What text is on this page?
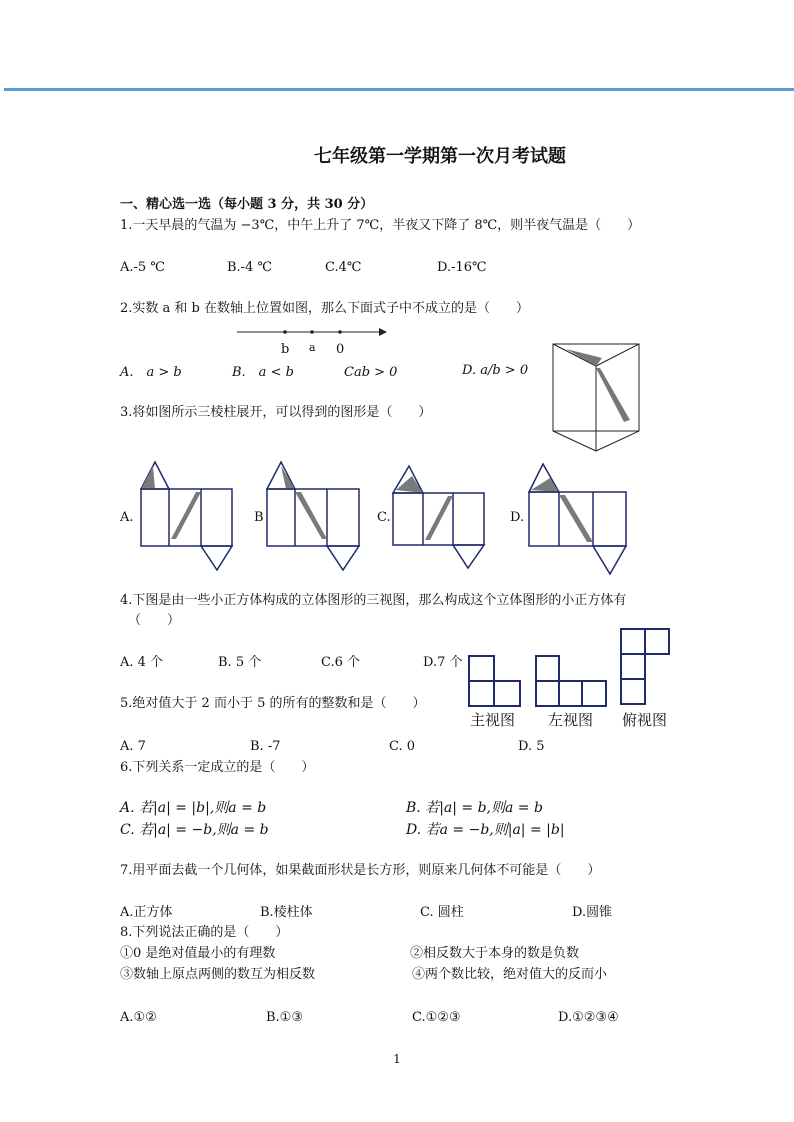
七年级第一学期第一次月考试题
一、精心选一选（每小题 3 分，共 30 分）
1.一天早晨的气温为 −3℃，中午上升了 7℃，半夜又下降了 8℃，则半夜气温是（　　）
A.-5 ℃	B.-4 ℃	C.4℃	D.-16℃
2.实数 a 和 b 在数轴上位置如图，那么下面式子中不成立的是（　　）
b a 0
A.　a > b	B.　a < b	Cab > 0	D. a/b > 0
3.将如图所示三棱柱展开，可以得到的图形是（　　）
A.	B	C.	D.
4.下图是由一些小正方体构成的立体图形的三视图，那么构成这个立体图形的小正方体有
（　　）
A. 4 个	B. 5 个	C.6 个	D.7 个
主视图 左视图 俯视图
5.绝对值大于 2 而小于 5 的所有的整数和是（　　）
A. 7	B. -7	C. 0	D. 5
6.下列关系一定成立的是（　　）
A. 若|a| = |b|,则a = b	B. 若|a| = b,则a = b
C. 若|a| = −b,则a = b	D. 若a = −b,则|a| = |b|
7.用平面去截一个几何体，如果截面形状是长方形，则原来几何体不可能是（　　）
A.正方体	B.棱柱体	C. 圆柱	D.圆锥
8.下列说法正确的是（　　）
①0 是绝对值最小的有理数	②相反数大于本身的数是负数
③数轴上原点两侧的数互为相反数	④两个数比较，绝对值大的反而小
A.①②	B.①③	C.①②③	D.①②③④
1
